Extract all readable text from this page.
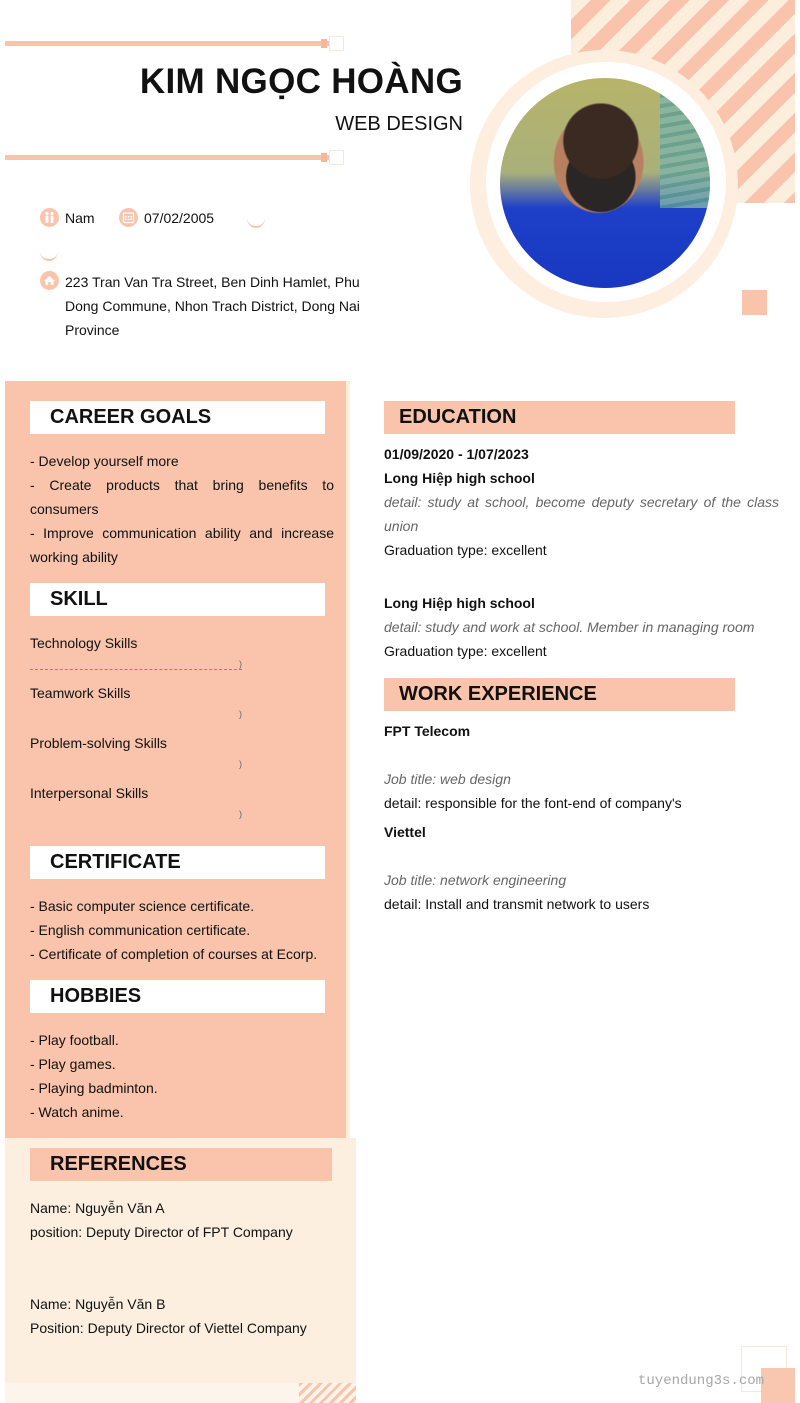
KIM NGỌC HOÀNG
WEB DESIGN
Nam	07/02/2005
223 Tran Van Tra Street, Ben Dinh Hamlet, Phu Dong Commune, Nhon Trach District, Dong Nai Province
CAREER GOALS
- Develop yourself more
- Create products that bring benefits to consumers
- Improve communication ability and increase working ability
SKILL
Technology Skills
)
Teamwork Skills
)
Problem-solving Skills
)
Interpersonal Skills
)
CERTIFICATE
- Basic computer science certificate.
- English communication certificate.
- Certificate of completion of courses at Ecorp.
HOBBIES
- Play football.
- Play games.
- Playing badminton.
- Watch anime.
REFERENCES
Name: Nguyễn Văn A
position: Deputy Director of FPT Company
Name: Nguyễn Văn B
Position: Deputy Director of Viettel Company
EDUCATION
01/09/2020 - 1/07/2023
Long Hiệp high school
detail: study at school, become deputy secretary of the class union
Graduation type: excellent
Long Hiệp high school
detail: study and work at school. Member in managing room
Graduation type: excellent
WORK EXPERIENCE
FPT Telecom
Job title: web design
detail: responsible for the font-end of company's
Viettel
Job title: network engineering
detail: Install and transmit network to users
tuyendung3s.com
